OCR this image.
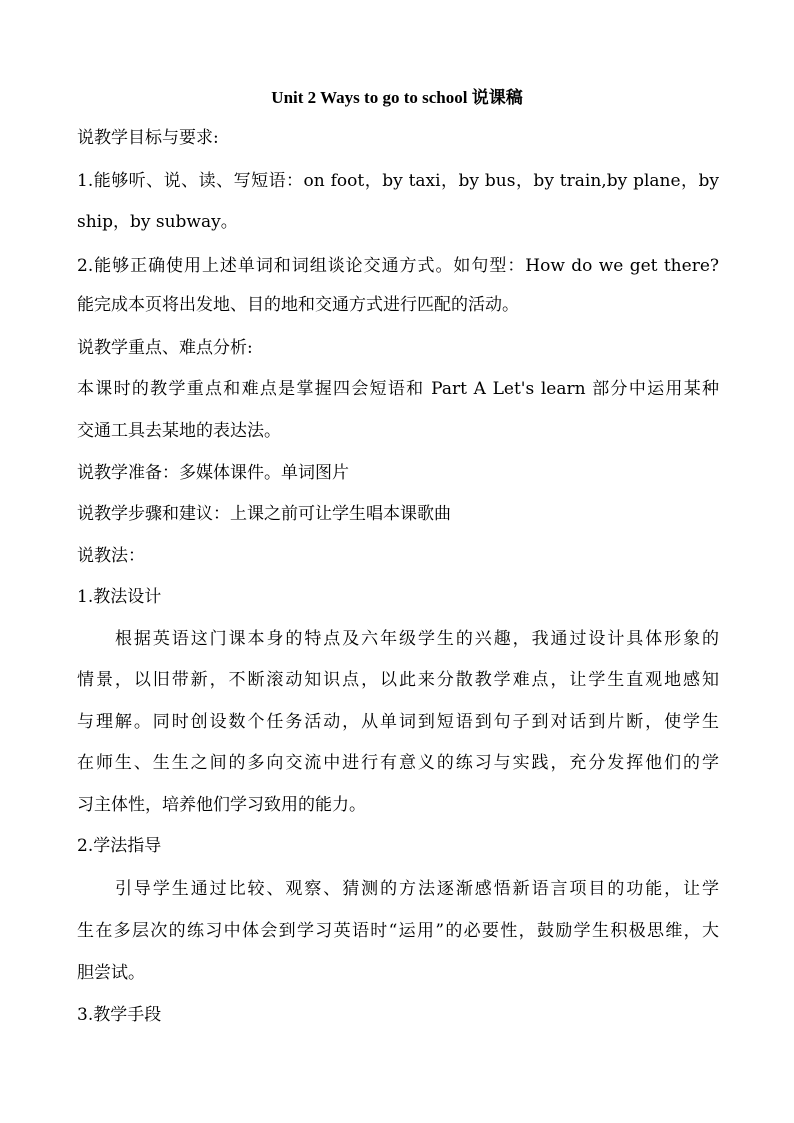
Unit 2 Ways to go to school 说课稿
说教学目标与要求:
1.能够听、说、读、写短语：on foot，by taxi，by bus，by train,by plane，by
ship，by subway。
2.能够正确使用上述单词和词组谈论交通方式。如句型：How do we get there?
能完成本页将出发地、目的地和交通方式进行匹配的活动。
说教学重点、难点分析:
本课时的教学重点和难点是掌握四会短语和 Part A Let's learn 部分中运用某种
交通工具去某地的表达法。
说教学准备：多媒体课件。单词图片
说教学步骤和建议：上课之前可让学生唱本课歌曲
说教法：
1.教法设计
根据英语这门课本身的特点及六年级学生的兴趣，我通过设计具体形象的
情景，以旧带新，不断滚动知识点，以此来分散教学难点，让学生直观地感知
与理解。同时创设数个任务活动，从单词到短语到句子到对话到片断，使学生
在师生、生生之间的多向交流中进行有意义的练习与实践，充分发挥他们的学
习主体性，培养他们学习致用的能力。
2.学法指导
引导学生通过比较、观察、猜测的方法逐渐感悟新语言项目的功能，让学
生在多层次的练习中体会到学习英语时“运用”的必要性，鼓励学生积极思维，大
胆尝试。
3.教学手段
